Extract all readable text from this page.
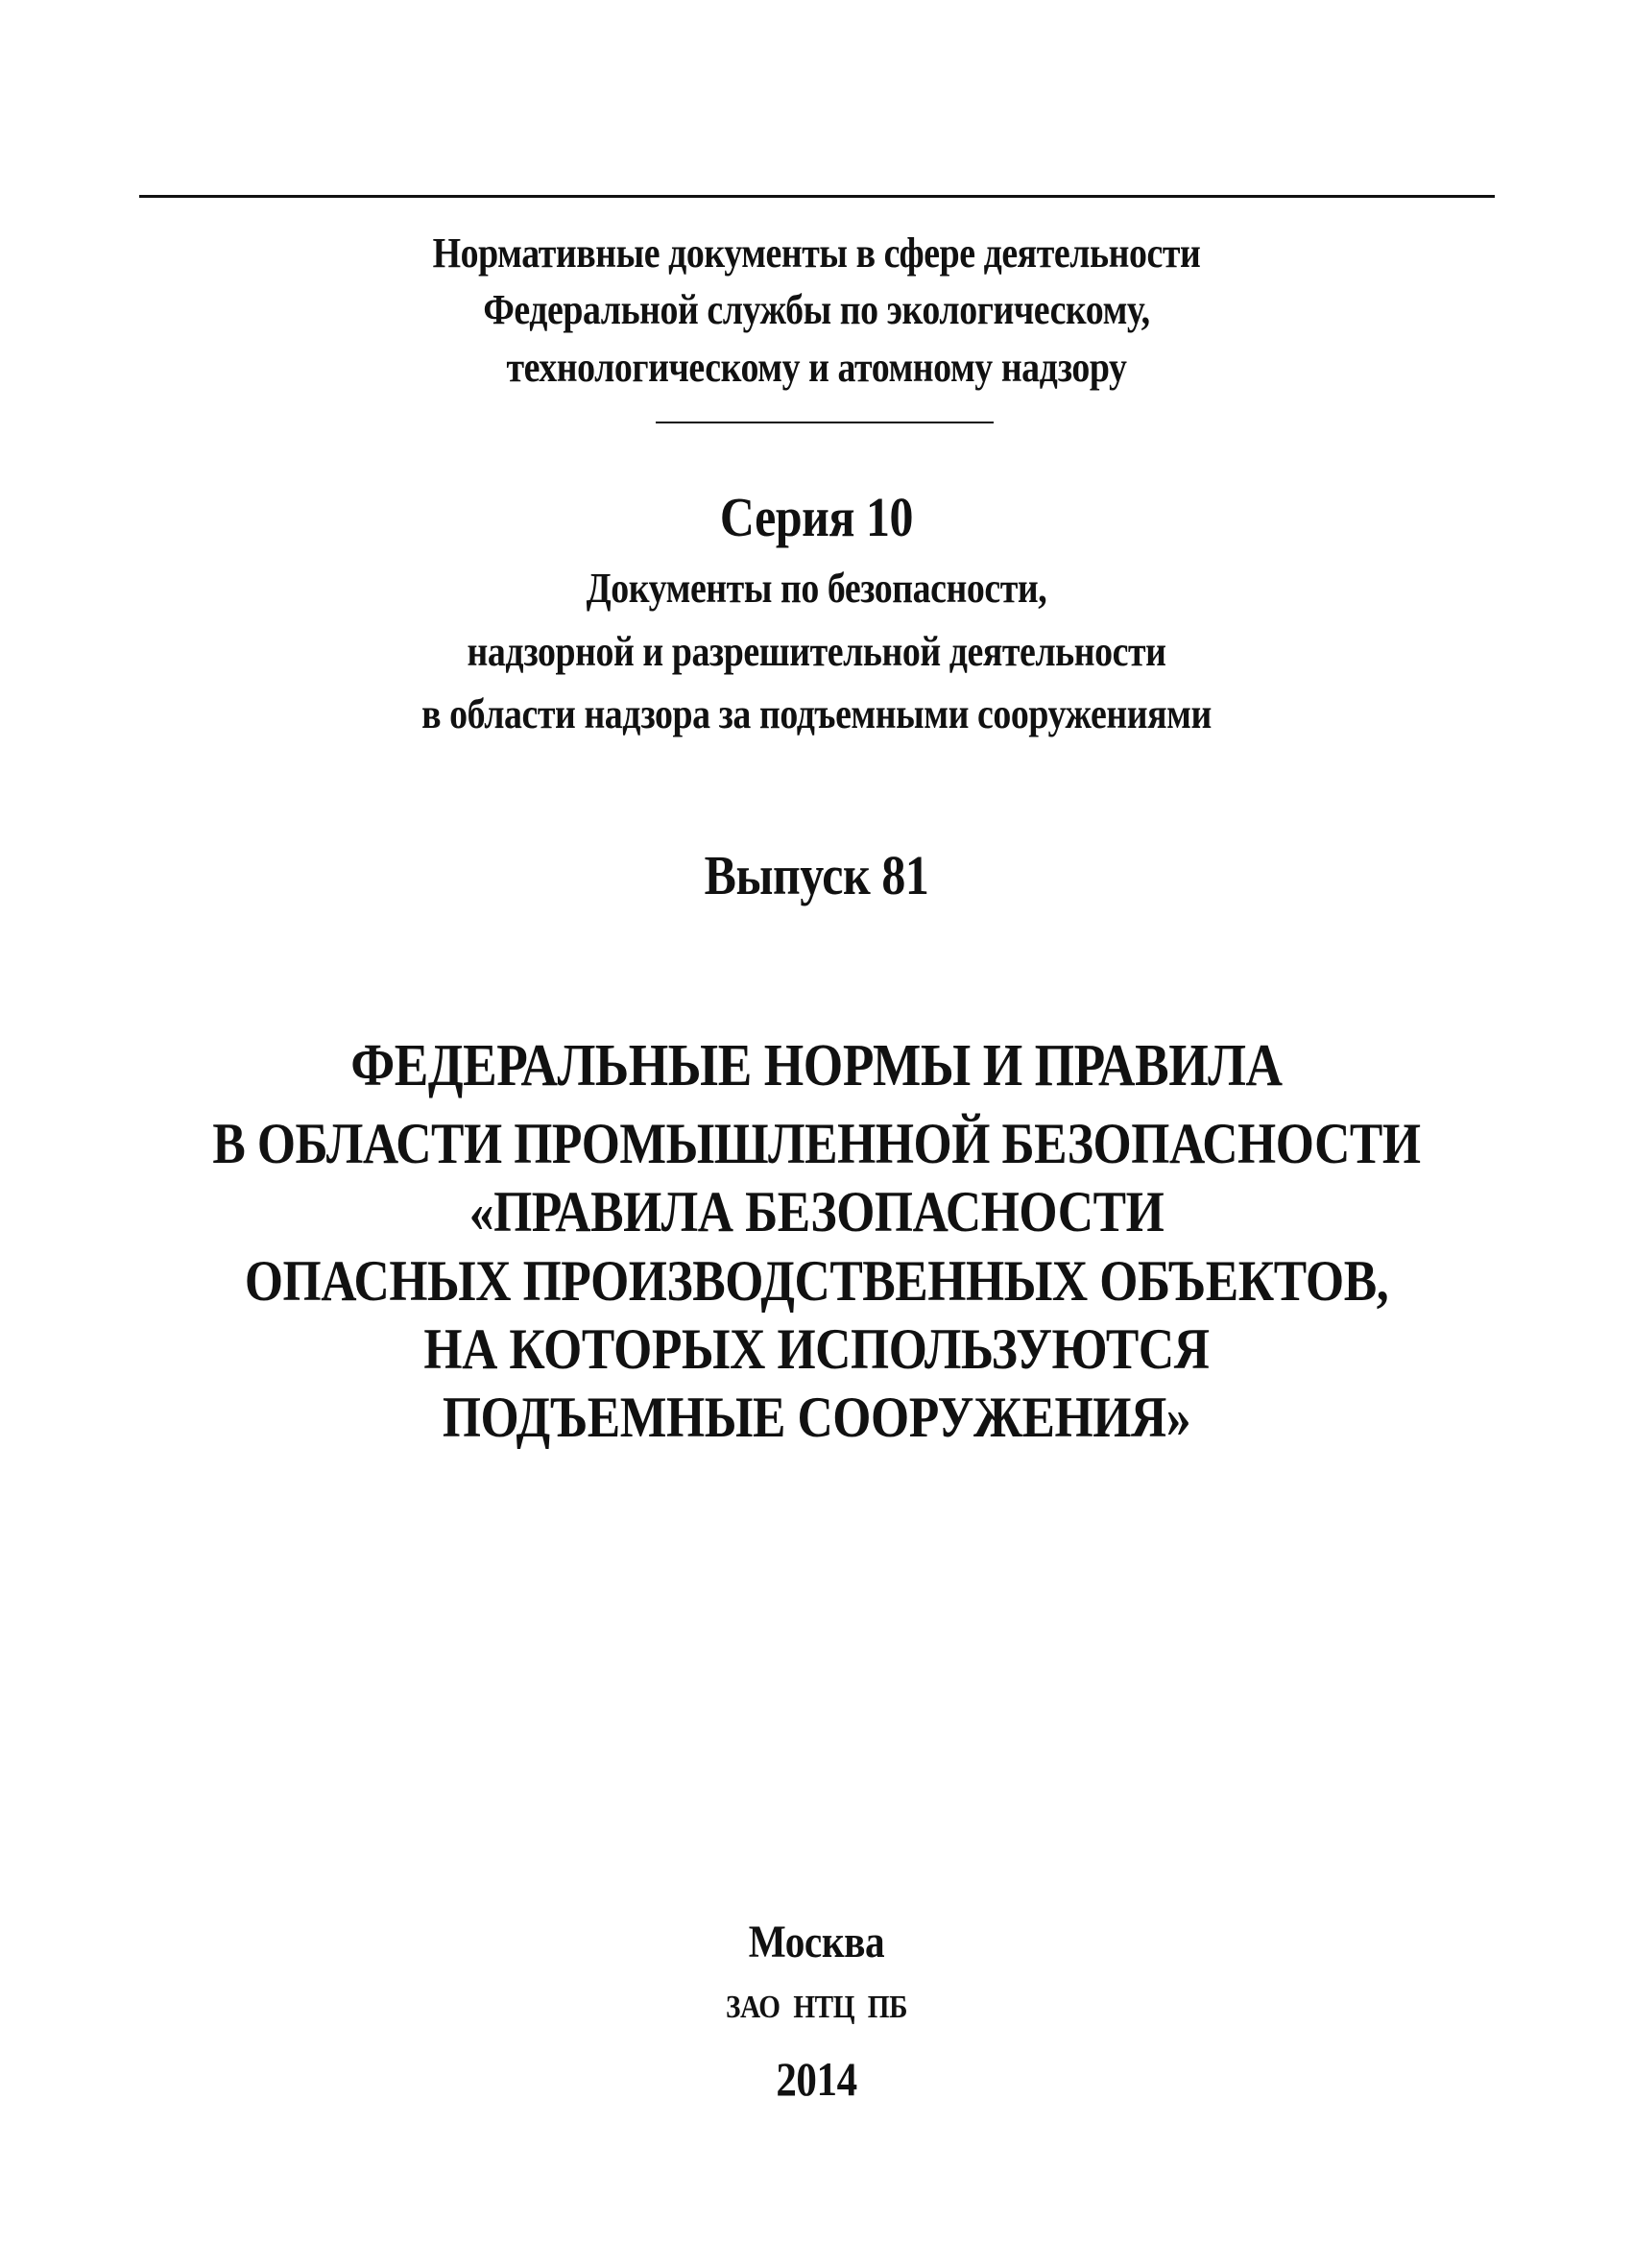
Нормативные документы в сфере деятельности
Федеральной службы по экологическому,
технологическому и атомному надзору
Серия 10
Документы по безопасности,
надзорной и разрешительной деятельности
в области надзора за подъемными сооружениями
Выпуск 81
ФЕДЕРАЛЬНЫЕ НОРМЫ И ПРАВИЛА
В ОБЛАСТИ ПРОМЫШЛЕННОЙ БЕЗОПАСНОСТИ
«ПРАВИЛА БЕЗОПАСНОСТИ
ОПАСНЫХ ПРОИЗВОДСТВЕННЫХ ОБЪЕКТОВ,
НА КОТОРЫХ ИСПОЛЬЗУЮТСЯ
ПОДЪЕМНЫЕ СООРУЖЕНИЯ»
Москва
ЗАО НТЦ ПБ
2014
